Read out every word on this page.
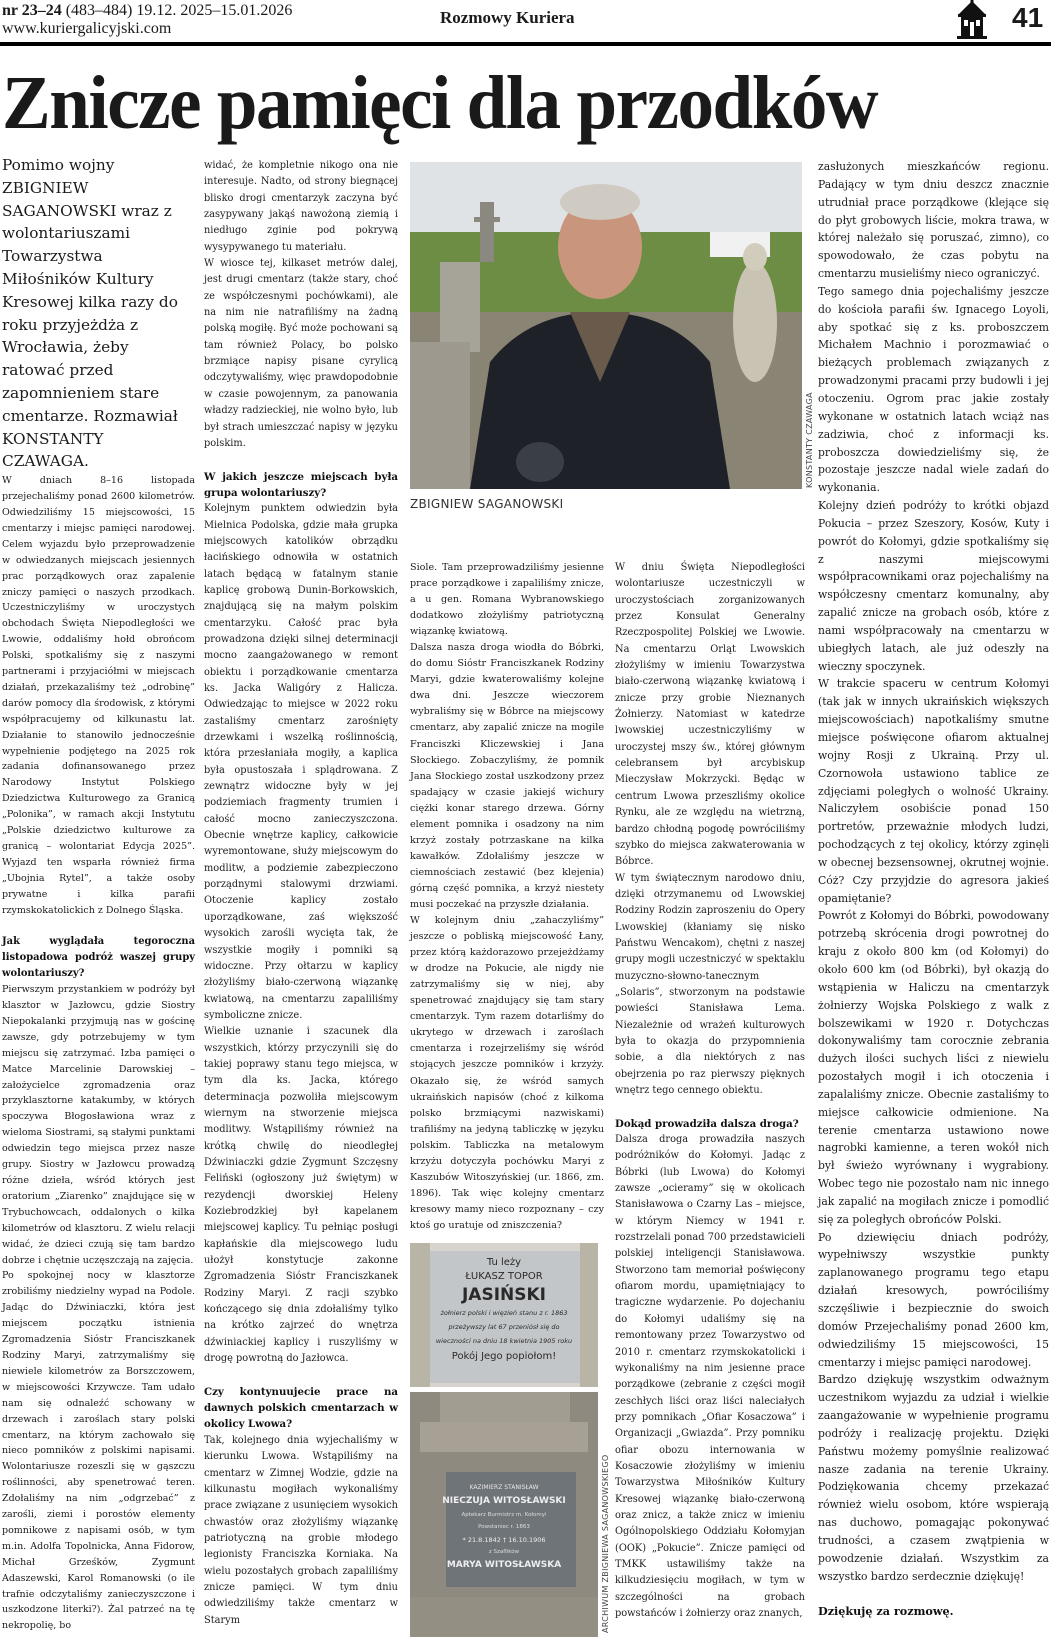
nr 23–24 (483–484) 19.12. 2025–15.01.2026
www.kuriergalicyjski.com
Rozmowy Kuriera	41
Znicze pamięci dla przodków

Pomimo wojny ZBIGNIEW SAGANOWSKI wraz z wolontariuszami Towarzystwa Miłośników Kultury Kresowej kilka razy do roku przyjeżdża z Wrocławia, żeby ratować przed zapomnieniem stare cmentarze. Rozmawiał KONSTANTY CZAWAGA.

W dniach 8–16 listopada przejechaliśmy ponad 2600 kilometrów. Odwiedziliśmy 15 miejscowości, 15 cmentarzy i miejsc pamięci narodowej. Celem wyjazdu było przeprowadzenie w odwiedzanych miejscach jesiennych prac porządkowych oraz zapalenie zniczy pamięci o naszych przodkach. Uczestniczyliśmy w uroczystych obchodach Święta Niepodległości we Lwowie, oddaliśmy hołd obrońcom Polski, spotkaliśmy się z naszymi partnerami i przyjaciółmi w miejscach działań, przekazaliśmy też „odrobinę” darów pomocy dla środowisk, z którymi współpracujemy od kilkunastu lat. Działanie to stanowiło jednocześnie wypełnienie podjętego na 2025 rok zadania dofinansowanego przez Narodowy Instytut Polskiego Dziedzictwa Kulturowego za Granicą „Polonika”, w ramach akcji Instytutu „Polskie dziedzictwo kulturowe za granicą – wolontariat Edycja 2025”. Wyjazd ten wsparła również firma „Ubojnia Rytel”, a także osoby prywatne i kilka parafii rzymskokatolickich z Dolnego Śląska.

Jak wyglądała tegoroczna listopadowa podróż waszej grupy wolontariuszy?

Pierwszym przystankiem w podróży był klasztor w Jazłowcu, gdzie Siostry Niepokalanki przyjmują nas w gościnę zawsze, gdy potrzebujemy w tym miejscu się zatrzymać. Izba pamięci o Matce Marcelinie Darowskiej – założycielce zgromadzenia oraz przyklasztorne katakumby, w których spoczywa Błogosławiona wraz z wieloma Siostrami, są stałymi punktami odwiedzin tego miejsca przez nasze grupy. Siostry w Jazłowcu prowadzą różne dzieła, wśród których jest oratorium „Ziarenko” znajdujące się w Trybuchowcach, oddalonych o kilka kilometrów od klasztoru. Z wielu relacji widać, że dzieci czują się tam bardzo dobrze i chętnie uczęszczają na zajęcia.

Po spokojnej nocy w klasztorze zrobiliśmy niedzielny wypad na Podole. Jadąc do Dźwiniaczki, która jest miejscem początku istnienia Zgromadzenia Sióstr Franciszkanek Rodziny Maryi, zatrzymaliśmy się niewiele kilometrów za Borszczowem, w miejscowości Krzywcze. Tam udało nam się odnaleźć schowany w drzewach i zaroślach stary polski cmentarz, na którym zachowało się nieco pomników z polskimi napisami. Wolontariusze rozeszli się w gąszczu roślinności, aby spenetrować teren. Zdołaliśmy na nim „odgrzebać” z zarośli, ziemi i porostów elementy pomnikowe z napisami osób, w tym m.in. Adolfa Topolnicka, Anna Fidorow, Michał Grześków, Zygmunt Adaszewski, Karol Romanowski (o ile trafnie odczytaliśmy zanieczyszczone i uszkodzone literki?). Żal patrzeć na tę nekropolię, bo

widać, że kompletnie nikogo ona nie interesuje. Nadto, od strony biegnącej blisko drogi cmentarzyk zaczyna być zasypywany jakąś nawożoną ziemią i niedługo zginie pod pokrywą wysypywanego tu materiału.

W wiosce tej, kilkaset metrów dalej, jest drugi cmentarz (także stary, choć ze współczesnymi pochówkami), ale na nim nie natrafiliśmy na żadną polską mogiłę. Być może pochowani są tam również Polacy, bo polsko brzmiące napisy pisane cyrylicą odczytywaliśmy, więc prawdopodobnie w czasie powojennym, za panowania władzy radzieckiej, nie wolno było, lub był strach umieszczać napisy w języku polskim.

W jakich jeszcze miejscach była grupa wolontariuszy?

Kolejnym punktem odwiedzin była Mielnica Podolska, gdzie mała grupka miejscowych katolików obrządku łacińskiego odnowiła w ostatnich latach będącą w fatalnym stanie kaplicę grobową Dunin-Borkowskich, znajdującą się na małym polskim cmentarzyku. Całość prac była prowadzona dzięki silnej determinacji mocno zaangażowanego w remont obiektu i porządkowanie cmentarza ks. Jacka Waligóry z Halicza. Odwiedzając to miejsce w 2022 roku zastaliśmy cmentarz zarośnięty drzewkami i wszelką roślinnością, która przesłaniała mogiły, a kaplica była opustoszała i splądrowana. Z zewnątrz widoczne były w jej podziemiach fragmenty trumien i całość mocno zanieczyszczona. Obecnie wnętrze kaplicy, całkowicie wyremontowane, służy miejscowym do modlitw, a podziemie zabezpieczono porządnymi stalowymi drzwiami. Otoczenie kaplicy zostało uporządkowane, zaś większość wysokich zarośli wycięta tak, że wszystkie mogiły i pomniki są widoczne. Przy ołtarzu w kaplicy złożyliśmy biało-czerwoną wiązankę kwiatową, na cmentarzu zapaliliśmy symboliczne znicze.

Wielkie uznanie i szacunek dla wszystkich, którzy przyczynili się do takiej poprawy stanu tego miejsca, w tym dla ks. Jacka, którego determinacja pozwoliła miejscowym wiernym na stworzenie miejsca modlitwy. Wstąpiliśmy również na krótką chwilę do nieodległej Dźwiniaczki gdzie Zygmunt Szczęsny Feliński (ogłoszony już świętym) w rezydencji dworskiej Heleny Koziebrodzkiej był kapelanem miejscowej kaplicy. Tu pełniąc posługi kapłańskie dla miejscowego ludu ułożył konstytucje zakonne Zgromadzenia Sióstr Franciszkanek Rodziny Maryi. Z racji szybko kończącego się dnia zdołaliśmy tylko na krótko zajrzeć do wnętrza dźwiniackiej kaplicy i ruszyliśmy w drogę powrotną do Jazłowca.

Czy kontynuujecie prace na dawnych polskich cmentarzach w okolicy Lwowa?

Tak, kolejnego dnia wyjechaliśmy w kierunku Lwowa. Wstąpiliśmy na cmentarz w Zimnej Wodzie, gdzie na kilkunastu mogiłach wykonaliśmy prace związane z usunięciem wysokich chwastów oraz złożyliśmy wiązankę patriotyczną na grobie młodego legionisty Franciszka Korniaka. Na wielu pozostałych grobach zapaliliśmy znicze pamięci. W tym dniu odwiedziliśmy także cmentarz w Starym

ZBIGNIEW SAGANOWSKI
KONSTANTY CZAWAGA

Siole. Tam przeprowadziliśmy jesienne prace porządkowe i zapaliliśmy znicze, a u gen. Romana Wybranowskiego dodatkowo złożyliśmy patriotyczną wiązankę kwiatową.

Dalsza nasza droga wiodła do Bóbrki, do domu Sióstr Franciszkanek Rodziny Maryi, gdzie kwaterowaliśmy kolejne dwa dni. Jeszcze wieczorem wybraliśmy się w Bóbrce na miejscowy cmentarz, aby zapalić znicze na mogile Franciszki Kliczewskiej i Jana Słockiego. Zobaczyliśmy, że pomnik Jana Słockiego został uszkodzony przez spadający w czasie jakiejś wichury ciężki konar starego drzewa. Górny element pomnika i osadzony na nim krzyż zostały potrzaskane na kilka kawałków. Zdołaliśmy jeszcze w ciemnościach zestawić (bez klejenia) górną część pomnika, a krzyż niestety musi poczekać na przyszłe działania.

W kolejnym dniu „zahaczyliśmy” jeszcze o pobliską miejscowość Łany, przez którą każdorazowo przejeżdżamy w drodze na Pokucie, ale nigdy nie zatrzymaliśmy się w niej, aby spenetrować znajdujący się tam stary cmentarzyk. Tym razem dotarliśmy do ukrytego w drzewach i zaroślach cmentarza i rozejrzeliśmy się wśród stojących jeszcze pomników i krzyży. Okazało się, że wśród samych ukraińskich napisów (choć z kilkoma polsko brzmiącymi nazwiskami) trafiliśmy na jedyną tabliczkę w języku polskim. Tabliczka na metalowym krzyżu dotyczyła pochówku Maryi z Kaszubów Witoszyńskiej (ur. 1866, zm. 1896). Tak więc kolejny cmentarz kresowy mamy nieco rozpoznany – czy ktoś go uratuje od zniszczenia?

Tu leży
ŁUKASZ TOPOR
JASIŃSKI
żołnierz polski i więzień stanu z r. 1863
przeżywszy lat 67 przeniósł się do
wieczności na dniu 18 kwietnia 1905 roku
Pokój Jego popiołom!
KAZIMIERZ STANISŁAW
NIECZUJA WITOSŁAWSKI
Aptekarz Burmistrz m. Kołomyi
Powstaniec r. 1863
* 21.8.1842 † 16.10.1906
z Szaflików
MARYA WITOSŁAWSKA	ARCHIWUM ZBIGNIEWA SAGANOWSKIEGO

W dniu Święta Niepodległości wolontariusze uczestniczyli w uroczystościach zorganizowanych przez Konsulat Generalny Rzeczpospolitej Polskiej we Lwowie. Na cmentarzu Orląt Lwowskich złożyliśmy w imieniu Towarzystwa biało-czerwoną wiązankę kwiatową i znicze przy grobie Nieznanych Żołnierzy. Natomiast w katedrze lwowskiej uczestniczyliśmy w uroczystej mszy św., której głównym celebransem był arcybiskup Mieczysław Mokrzycki. Będąc w centrum Lwowa przeszliśmy okolice Rynku, ale ze względu na wietrzną, bardzo chłodną pogodę powróciliśmy szybko do miejsca zakwaterowania w Bóbrce.

W tym świątecznym narodowo dniu, dzięki otrzymanemu od Lwowskiej Rodziny Rodzin zaproszeniu do Opery Lwowskiej (kłaniamy się nisko Państwu Wencakom), chętni z naszej grupy mogli uczestniczyć w spektaklu muzyczno-słowno-tanecznym „Solaris”, stworzonym na podstawie powieści Stanisława Lema. Niezależnie od wrażeń kulturowych była to okazja do przypomnienia sobie, a dla niektórych z nas obejrzenia po raz pierwszy pięknych wnętrz tego cennego obiektu.

Dokąd prowadziła dalsza droga?

Dalsza droga prowadziła naszych podróżników do Kołomyi. Jadąc z Bóbrki (lub Lwowa) do Kołomyi zawsze „ocieramy” się w okolicach Stanisławowa o Czarny Las – miejsce, w którym Niemcy w 1941 r. rozstrzelali ponad 700 przedstawicieli polskiej inteligencji Stanisławowa. Stworzono tam memoriał poświęcony ofiarom mordu, upamiętniający to tragiczne wydarzenie. Po dojechaniu do Kołomyi udaliśmy się na remontowany przez Towarzystwo od 2010 r. cmentarz rzymskokatolicki i wykonaliśmy na nim jesienne prace porządkowe (zebranie z części mogił zeschłych liści oraz liści naleciałych przy pomnikach „Ofiar Kosaczowa” i Organizacji „Gwiazda”. Przy pomniku ofiar obozu internowania w Kosaczowie złożyliśmy w imieniu Towarzystwa Miłośników Kultury Kresowej wiązankę biało-czerwoną oraz znicz, a także znicz w imieniu Ogólnopolskiego Oddziału Kołomyjan (OOK) „Pokucie”. Znicze pamięci od TMKK ustawiliśmy także na kilkudziesięciu mogiłach, w tym w szczególności na grobach powstańców i żołnierzy oraz znanych,

zasłużonych mieszkańców regionu. Padający w tym dniu deszcz znacznie utrudniał prace porządkowe (klejące się do płyt grobowych liście, mokra trawa, w której należało się poruszać, zimno), co spowodowało, że czas pobytu na cmentarzu musieliśmy nieco ograniczyć.

Tego samego dnia pojechaliśmy jeszcze do kościoła parafii św. Ignacego Loyoli, aby spotkać się z ks. proboszczem Michałem Machnio i porozmawiać o bieżących problemach związanych z prowadzonymi pracami przy budowli i jej otoczeniu. Ogrom prac jakie zostały wykonane w ostatnich latach wciąż nas zadziwia, choć z informacji ks. proboszcza dowiedzieliśmy się, że pozostaje jeszcze nadal wiele zadań do wykonania.

Kolejny dzień podróży to krótki objazd Pokucia – przez Szeszory, Kosów, Kuty i powrót do Kołomyi, gdzie spotkaliśmy się z naszymi miejscowymi współpracownikami oraz pojechaliśmy na współczesny cmentarz komunalny, aby zapalić znicze na grobach osób, które z nami współpracowały na cmentarzu w ubiegłych latach, ale już odeszły na wieczny spoczynek.

W trakcie spaceru w centrum Kołomyi (tak jak w innych ukraińskich większych miejscowościach) napotkaliśmy smutne miejsce poświęcone ofiarom aktualnej wojny Rosji z Ukrainą. Przy ul. Czornowoła ustawiono tablice ze zdjęciami poległych o wolność Ukrainy. Naliczyłem osobiście ponad 150 portretów, przeważnie młodych ludzi, pochodzących z tej okolicy, którzy zginęli w obecnej bezsensownej, okrutnej wojnie. Cóż? Czy przyjdzie do agresora jakieś opamiętanie?

Powrót z Kołomyi do Bóbrki, powodowany potrzebą skrócenia drogi powrotnej do kraju z około 800 km (od Kołomyi) do około 600 km (od Bóbrki), był okazją do wstąpienia w Haliczu na cmentarzyk żołnierzy Wojska Polskiego z walk z bolszewikami w 1920 r. Dotychczas dokonywaliśmy tam corocznie zebrania dużych ilości suchych liści z niewielu pozostałych mogił i ich otoczenia i zapalaliśmy znicze. Obecnie zastaliśmy to miejsce całkowicie odmienione. Na terenie cmentarza ustawiono nowe nagrobki kamienne, a teren wokół nich był świeżo wyrównany i wygrabiony. Wobec tego nie pozostało nam nic innego jak zapalić na mogiłach znicze i pomodlić się za poległych obrońców Polski.

Po dziewięciu dniach podróży, wypełniwszy wszystkie punkty zaplanowanego programu tego etapu działań kresowych, powróciliśmy szczęśliwie i bezpiecznie do swoich domów Przejechaliśmy ponad 2600 km, odwiedziliśmy 15 miejscowości, 15 cmentarzy i miejsc pamięci narodowej.

Bardzo dziękuję wszystkim odważnym uczestnikom wyjazdu za udział i wielkie zaangażowanie w wypełnienie programu podróży i realizację projektu. Dzięki Państwu możemy pomyślnie realizować nasze zadania na terenie Ukrainy. Podziękowania chcemy przekazać również wielu osobom, które wspierają nas duchowo, pomagając pokonywać trudności, a czasem zwątpienia w powodzenie działań. Wszystkim za wszystko bardzo serdecznie dziękuję!

Dziękuję za rozmowę.
